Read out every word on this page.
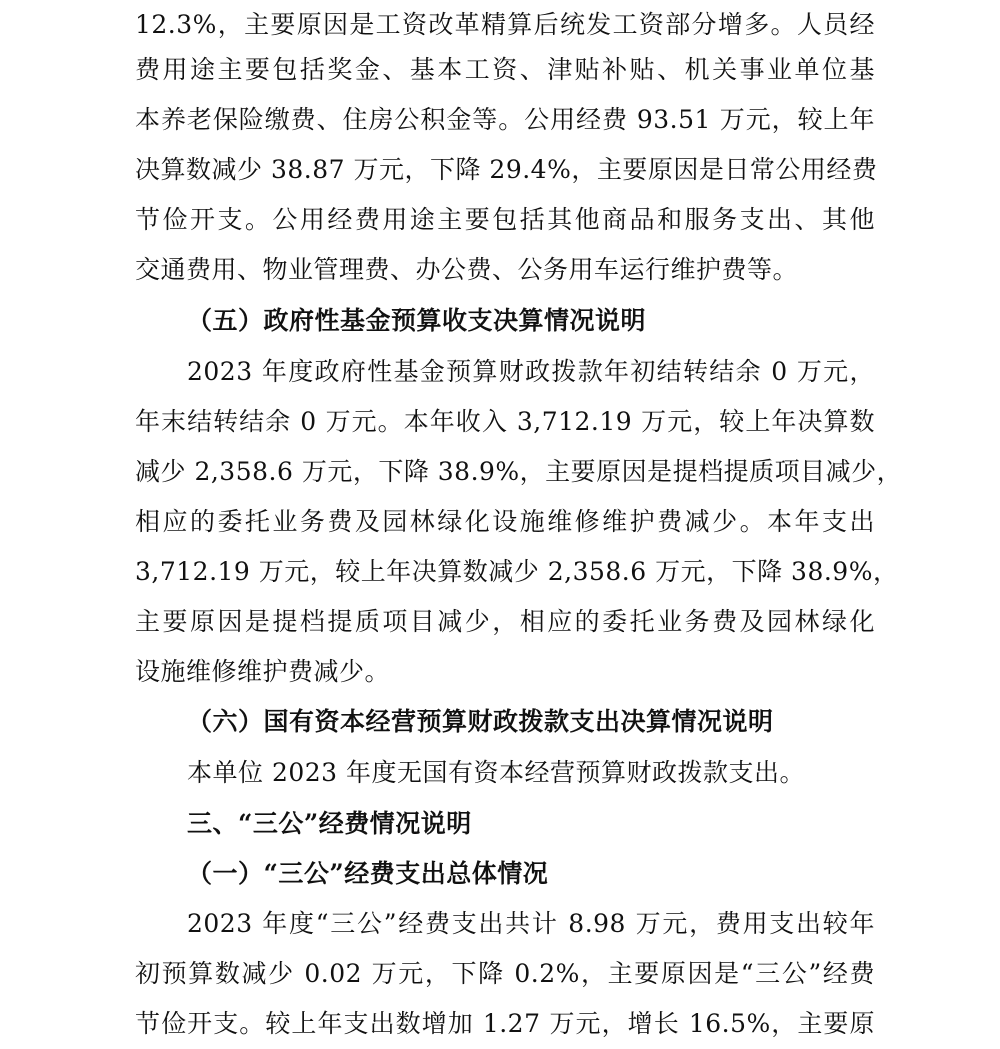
12.3%，主要原因是工资改革精算后统发工资部分增多。人员经
费用途主要包括奖金、基本工资、津贴补贴、机关事业单位基
本养老保险缴费、住房公积金等。公用经费 93.51 万元，较上年
决算数减少 38.87 万元，下降 29.4%，主要原因是日常公用经费
节俭开支。公用经费用途主要包括其他商品和服务支出、其他
交通费用、物业管理费、办公费、公务用车运行维护费等。
（五）政府性基金预算收支决算情况说明
2023 年度政府性基金预算财政拨款年初结转结余 0 万元，
年末结转结余 0 万元。本年收入 3,712.19 万元，较上年决算数
减少 2,358.6 万元，下降 38.9%，主要原因是提档提质项目减少，
相应的委托业务费及园林绿化设施维修维护费减少。本年支出
3,712.19 万元，较上年决算数减少 2,358.6 万元，下降 38.9%，
主要原因是提档提质项目减少，相应的委托业务费及园林绿化
设施维修维护费减少。
（六）国有资本经营预算财政拨款支出决算情况说明
本单位 2023 年度无国有资本经营预算财政拨款支出。
三、“三公”经费情况说明
（一）“三公”经费支出总体情况
2023 年度“三公”经费支出共计 8.98 万元，费用支出较年
初预算数减少 0.02 万元，下降 0.2%，主要原因是“三公”经费
节俭开支。较上年支出数增加 1.27 万元，增长 16.5%，主要原
